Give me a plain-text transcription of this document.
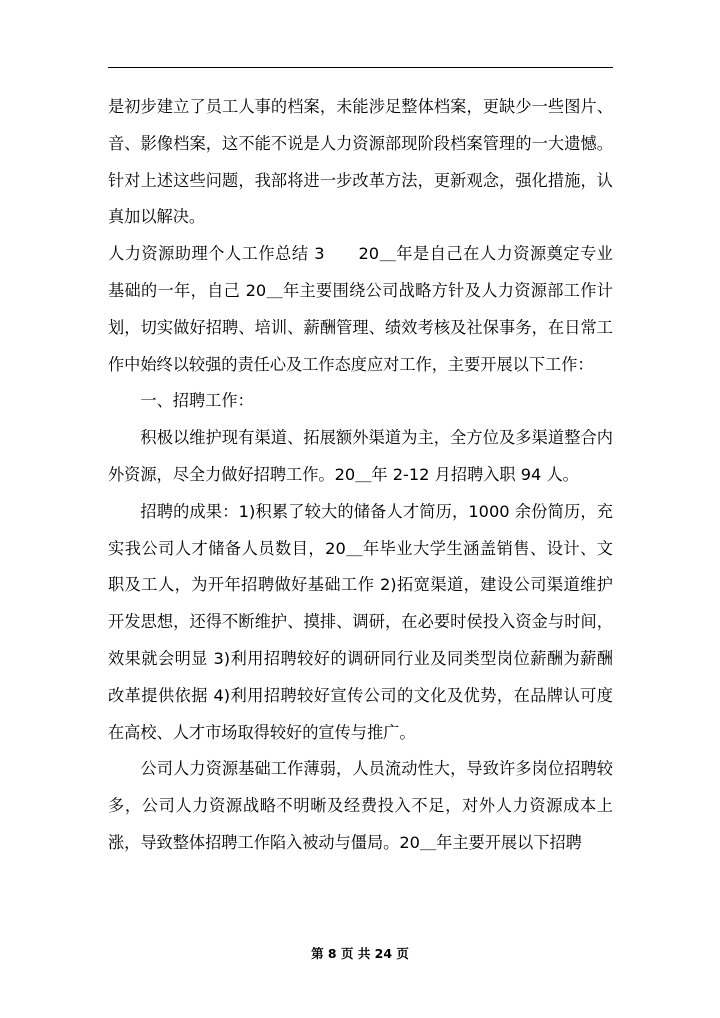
是初步建立了员工人事的档案，未能涉足整体档案，更缺少一些图片、音、影像档案，这不能不说是人力资源部现阶段档案管理的一大遗憾。针对上述这些问题，我部将进一步改革方法，更新观念，强化措施，认真加以解决。

人力资源助理个人工作总结 3　　20＿年是自己在人力资源奠定专业基础的一年，自己 20＿年主要围绕公司战略方针及人力资源部工作计划，切实做好招聘、培训、薪酬管理、绩效考核及社保事务，在日常工作中始终以较强的责任心及工作态度应对工作，主要开展以下工作：

一、招聘工作：

积极以维护现有渠道、拓展额外渠道为主，全方位及多渠道整合内外资源，尽全力做好招聘工作。20＿年 2-12 月招聘入职 94 人。

招聘的成果：1)积累了较大的储备人才简历，1000 余份简历，充实我公司人才储备人员数目，20＿年毕业大学生涵盖销售、设计、文职及工人，为开年招聘做好基础工作 2)拓宽渠道，建设公司渠道维护开发思想，还得不断维护、摸排、调研，在必要时侯投入资金与时间，效果就会明显 3)利用招聘较好的调研同行业及同类型岗位薪酬为薪酬改革提供依据 4)利用招聘较好宣传公司的文化及优势，在品牌认可度在高校、人才市场取得较好的宣传与推广。

公司人力资源基础工作薄弱，人员流动性大，导致许多岗位招聘较多，公司人力资源战略不明晰及经费投入不足，对外人力资源成本上涨，导致整体招聘工作陷入被动与僵局。20＿年主要开展以下招聘

第 8 页 共 24 页
